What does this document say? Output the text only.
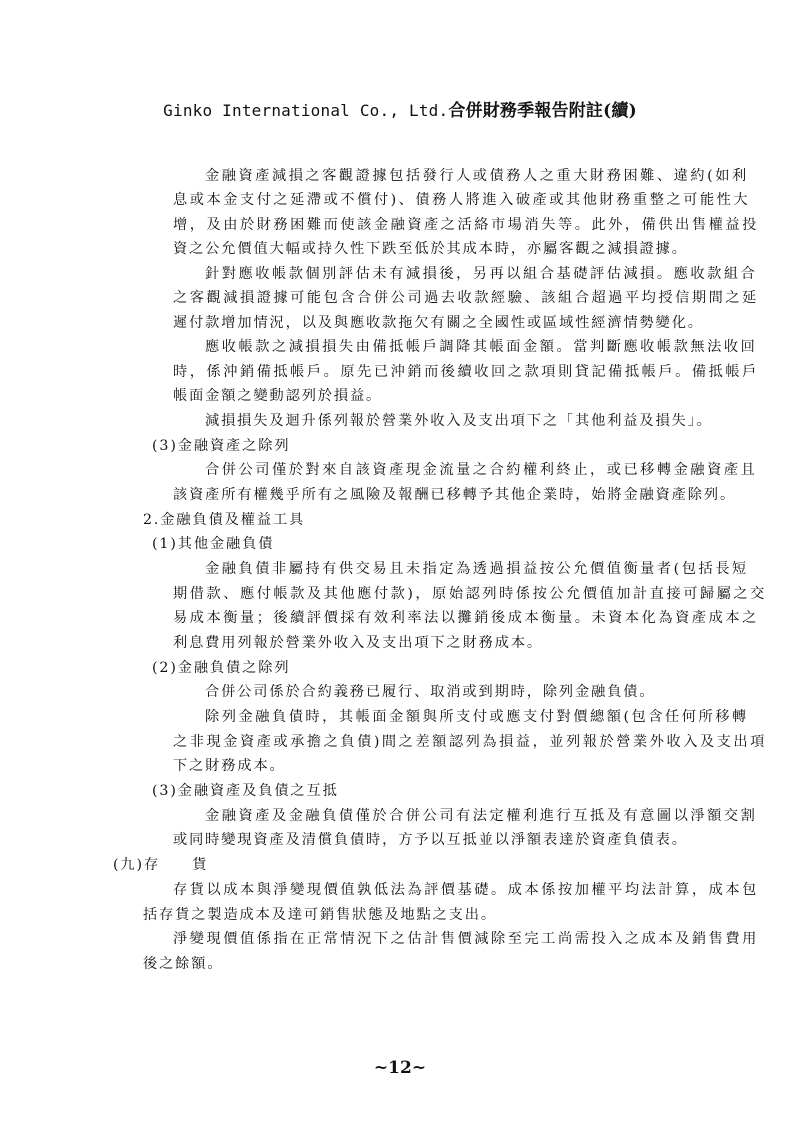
Ginko International Co., Ltd.合併財務季報告附註(續)
金融資產減損之客觀證據包括發行人或債務人之重大財務困難、違約(如利
息或本金支付之延滯或不償付)、債務人將進入破產或其他財務重整之可能性大
增，及由於財務困難而使該金融資產之活絡市場消失等。此外，備供出售權益投
資之公允價值大幅或持久性下跌至低於其成本時，亦屬客觀之減損證據。
針對應收帳款個別評估未有減損後，另再以組合基礎評估減損。應收款組合
之客觀減損證據可能包含合併公司過去收款經驗、該組合超過平均授信期間之延
遲付款增加情況，以及與應收款拖欠有關之全國性或區域性經濟情勢變化。
應收帳款之減損損失由備抵帳戶調降其帳面金額。當判斷應收帳款無法收回
時，係沖銷備抵帳戶。原先已沖銷而後續收回之款項則貸記備抵帳戶。備抵帳戶
帳面金額之變動認列於損益。
減損損失及迴升係列報於營業外收入及支出項下之「其他利益及損失」。
(3)金融資產之除列
合併公司僅於對來自該資產現金流量之合約權利終止，或已移轉金融資產且
該資產所有權幾乎所有之風險及報酬已移轉予其他企業時，始將金融資產除列。
2.金融負債及權益工具
(1)其他金融負債
金融負債非屬持有供交易且未指定為透過損益按公允價值衡量者(包括長短
期借款、應付帳款及其他應付款)，原始認列時係按公允價值加計直接可歸屬之交
易成本衡量；後續評價採有效利率法以攤銷後成本衡量。未資本化為資產成本之
利息費用列報於營業外收入及支出項下之財務成本。
(2)金融負債之除列
合併公司係於合約義務已履行、取消或到期時，除列金融負債。
除列金融負債時，其帳面金額與所支付或應支付對價總額(包含任何所移轉
之非現金資產或承擔之負債)間之差額認列為損益，並列報於營業外收入及支出項
下之財務成本。
(3)金融資產及負債之互抵
金融資產及金融負債僅於合併公司有法定權利進行互抵及有意圖以淨額交割
或同時變現資產及清償負債時，方予以互抵並以淨額表達於資產負債表。
(九)存　　貨
存貨以成本與淨變現價值孰低法為評價基礎。成本係按加權平均法計算，成本包
括存貨之製造成本及達可銷售狀態及地點之支出。
淨變現價值係指在正常情況下之估計售價減除至完工尚需投入之成本及銷售費用
後之餘額。
~12~
